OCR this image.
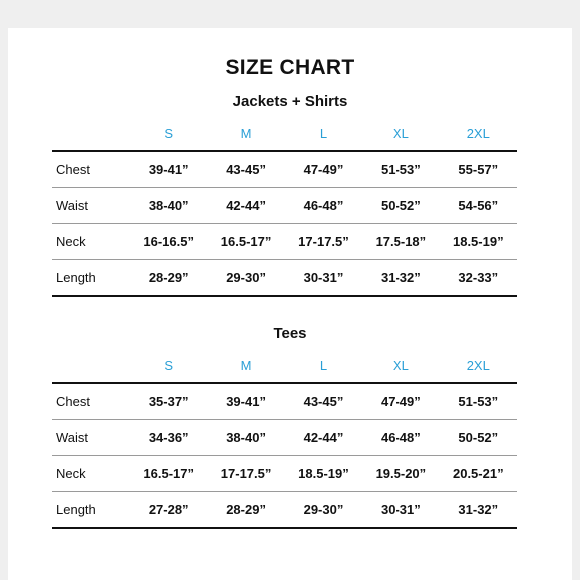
SIZE CHART
Jackets + Shirts
	S	M	L	XL	2XL
Chest	39-41”	43-45”	47-49”	51-53”	55-57”
Waist	38-40”	42-44”	46-48”	50-52”	54-56”
Neck	16-16.5”	16.5-17”	17-17.5”	17.5-18”	18.5-19”
Length	28-29”	29-30”	30-31”	31-32”	32-33”
Tees
	S	M	L	XL	2XL
Chest	35-37”	39-41”	43-45”	47-49”	51-53”
Waist	34-36”	38-40”	42-44”	46-48”	50-52”
Neck	16.5-17”	17-17.5”	18.5-19”	19.5-20”	20.5-21”
Length	27-28”	28-29”	29-30”	30-31”	31-32”
